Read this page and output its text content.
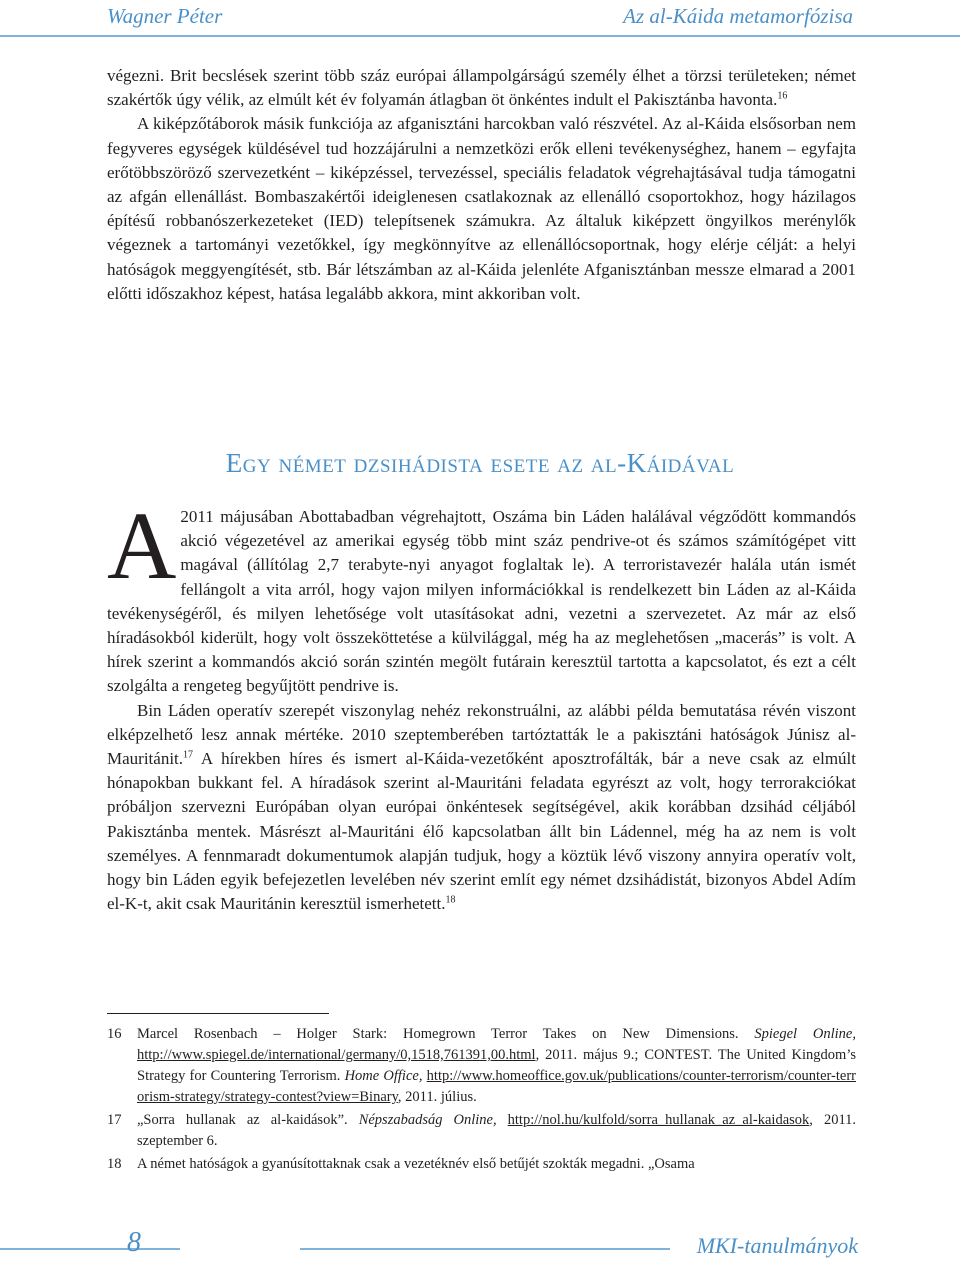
Wagner Péter	Az al-Káida metamorfózisa

végezni. Brit becslések szerint több száz európai állampolgárságú személy élhet a törzsi területeken; német szakértők úgy vélik, az elmúlt két év folyamán átlagban öt önkéntes indult el Pakisztánba havonta.$^{16}$

A kiképzőtáborok másik funkciója az afganisztáni harcokban való részvétel. Az al-Káida elsősorban nem fegyveres egységek küldésével tud hozzájárulni a nemzetközi erők elleni tevékenységhez, hanem – egyfajta erőtöbbszöröző szervezetként – kiképzéssel, tervezéssel, speciális feladatok végrehajtásával tudja támogatni az afgán ellenállást. Bombaszakértői ideiglenesen csatlakoznak az ellenálló csoportokhoz, hogy házilagos építésű robbanószerkezeteket (IED) telepítsenek számukra. Az általuk kiképzett öngyilkos merénylők végeznek a tartományi vezetőkkel, így megkönnyítve az ellenállócsoportnak, hogy elérje célját: a helyi hatóságok meggyengítését, stb. Bár létszámban az al-Káida jelenléte Afganisztánban messze elmarad a 2001 előtti időszakhoz képest, hatása legalább akkora, mint akkoriban volt.

Egy német dzsihádista esete az al-Káidával

A 2011 májusában Abottabadban végrehajtott, Oszáma bin Láden halálával végződött kommandós akció végezetével az amerikai egység több mint száz pendrive-ot és számos számítógépet vitt magával (állítólag 2,7 terabyte-nyi anyagot foglaltak le). A terroristavezér halála után ismét fellángolt a vita arról, hogy vajon milyen információkkal is rendelkezett bin Láden az al-Káida tevékenységéről, és milyen lehetősége volt utasításokat adni, vezetni a szervezetet. Az már az első híradásokból kiderült, hogy volt összeköttetése a külvilággal, még ha az meglehetősen „macerás” is volt. A hírek szerint a kommandós akció során szintén megölt futárain keresztül tartotta a kapcsolatot, és ezt a célt szolgálta a rengeteg begyűjtött pendrive is.

Bin Láden operatív szerepét viszonylag nehéz rekonstruálni, az alábbi példa bemutatása révén viszont elképzelhető lesz annak mértéke. 2010 szeptemberében tartóztatták le a pakisztáni hatóságok Júnisz al-Mauritánit.$^{17}$ A hírekben híres és ismert al-Káida-vezetőként aposztrofálták, bár a neve csak az elmúlt hónapokban bukkant fel. A híradások szerint al-Mauritáni feladata egyrészt az volt, hogy terrorakciókat próbáljon szervezni Európában olyan európai önkéntesek segítségével, akik korábban dzsihád céljából Pakisztánba mentek. Másrészt al-Mauritáni élő kapcsolatban állt bin Ládennel, még ha az nem is volt személyes. A fennmaradt dokumentumok alapján tudjuk, hogy a köztük lévő viszony annyira operatív volt, hogy bin Láden egyik befejezetlen levelében név szerint említ egy német dzsihádistát, bizonyos Abdel Adím el-K-t, akit csak Mauritánin keresztül ismerhetett.$^{18}$

16 Marcel Rosenbach – Holger Stark: Homegrown Terror Takes on New Dimensions. Spiegel Online, http://www.spiegel.de/international/germany/0,1518,761391,00.html, 2011. május 9.; CONTEST. The United Kingdom’s Strategy for Countering Terrorism. Home Office, http://www.homeoffice.gov.uk/publications/counter-terrorism/counter-terrorism-strategy/strategy-contest?view=Binary, 2011. július.
17 „Sorra hullanak az al-kaidások”. Népszabadság Online, http://nol.hu/kulfold/sorra_hullanak_az_al-kaidasok, 2011. szeptember 6.
18 A német hatóságok a gyanúsítottaknak csak a vezetéknév első betűjét szokták megadni. „Osama
8	MKI-tanulmányok
